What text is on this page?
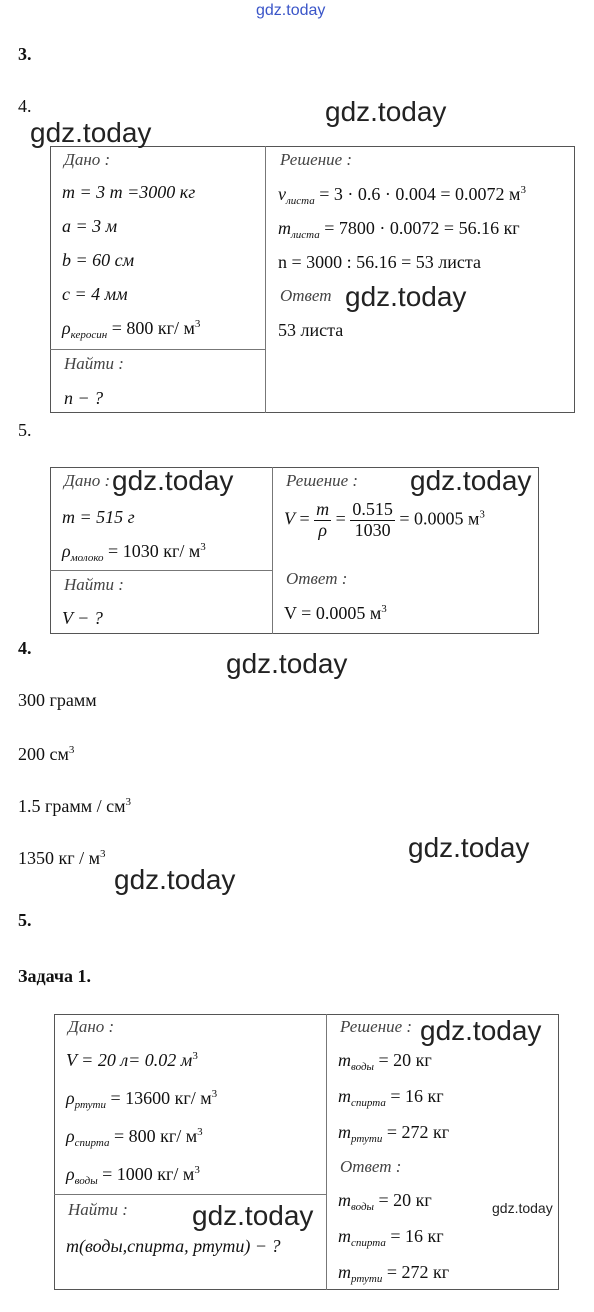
gdz.today
gdz.today
gdz.today
gdz.today
gdz.today	gdz.today
gdz.today
gdz.today
gdz.today
gdz.today
gdz.today	gdz.today
3.
4.
5.
4.
5.
Задача 1.
Дано :
m = 3 т =3000 кг
a = 3 м
b = 60 см
c = 4 мм
$\rho_{керосин} = 800$ кг/ $м^3$
Найти :
n − ?
Решение :
$v_{листа} = 3 \cdot 0.6 \cdot 0.004 = 0.0072$ $м^3$
$m_{листа} = 7800 \cdot 0.0072 = 56.16$ кг
n = 3000 : 56.16 = 53 листа
Ответ
53 листа
Дано :
m = 515 г
$\rho_{молоко} = 1030$ кг/ $м^3$
Найти :
V − ?
Решение :
$V = \frac{m}{\rho} = \frac{0.515}{1030} = 0.0005$ $м^3$
Ответ :
V = 0.0005 $м^3$
300 грамм
200 $см^3$
1.5 грамм / $см^3$
1350 кг / $м^3$
Дано :
V = 20 л= 0.02 $м^3$
$\rho_{ртути} = 13600$ кг/ $м^3$
$\rho_{спирта} = 800$ кг/ $м^3$
$\rho_{воды} = 1000$ кг/ $м^3$
Найти :
m(воды,спирта, ртути) − ?
Решение :
$m_{воды} = 20$ кг
$m_{спирта} = 16$ кг
$m_{ртути} = 272$ кг
Ответ :
$m_{воды} = 20$ кг
$m_{спирта} = 16$ кг
$m_{ртути} = 272$ кг
